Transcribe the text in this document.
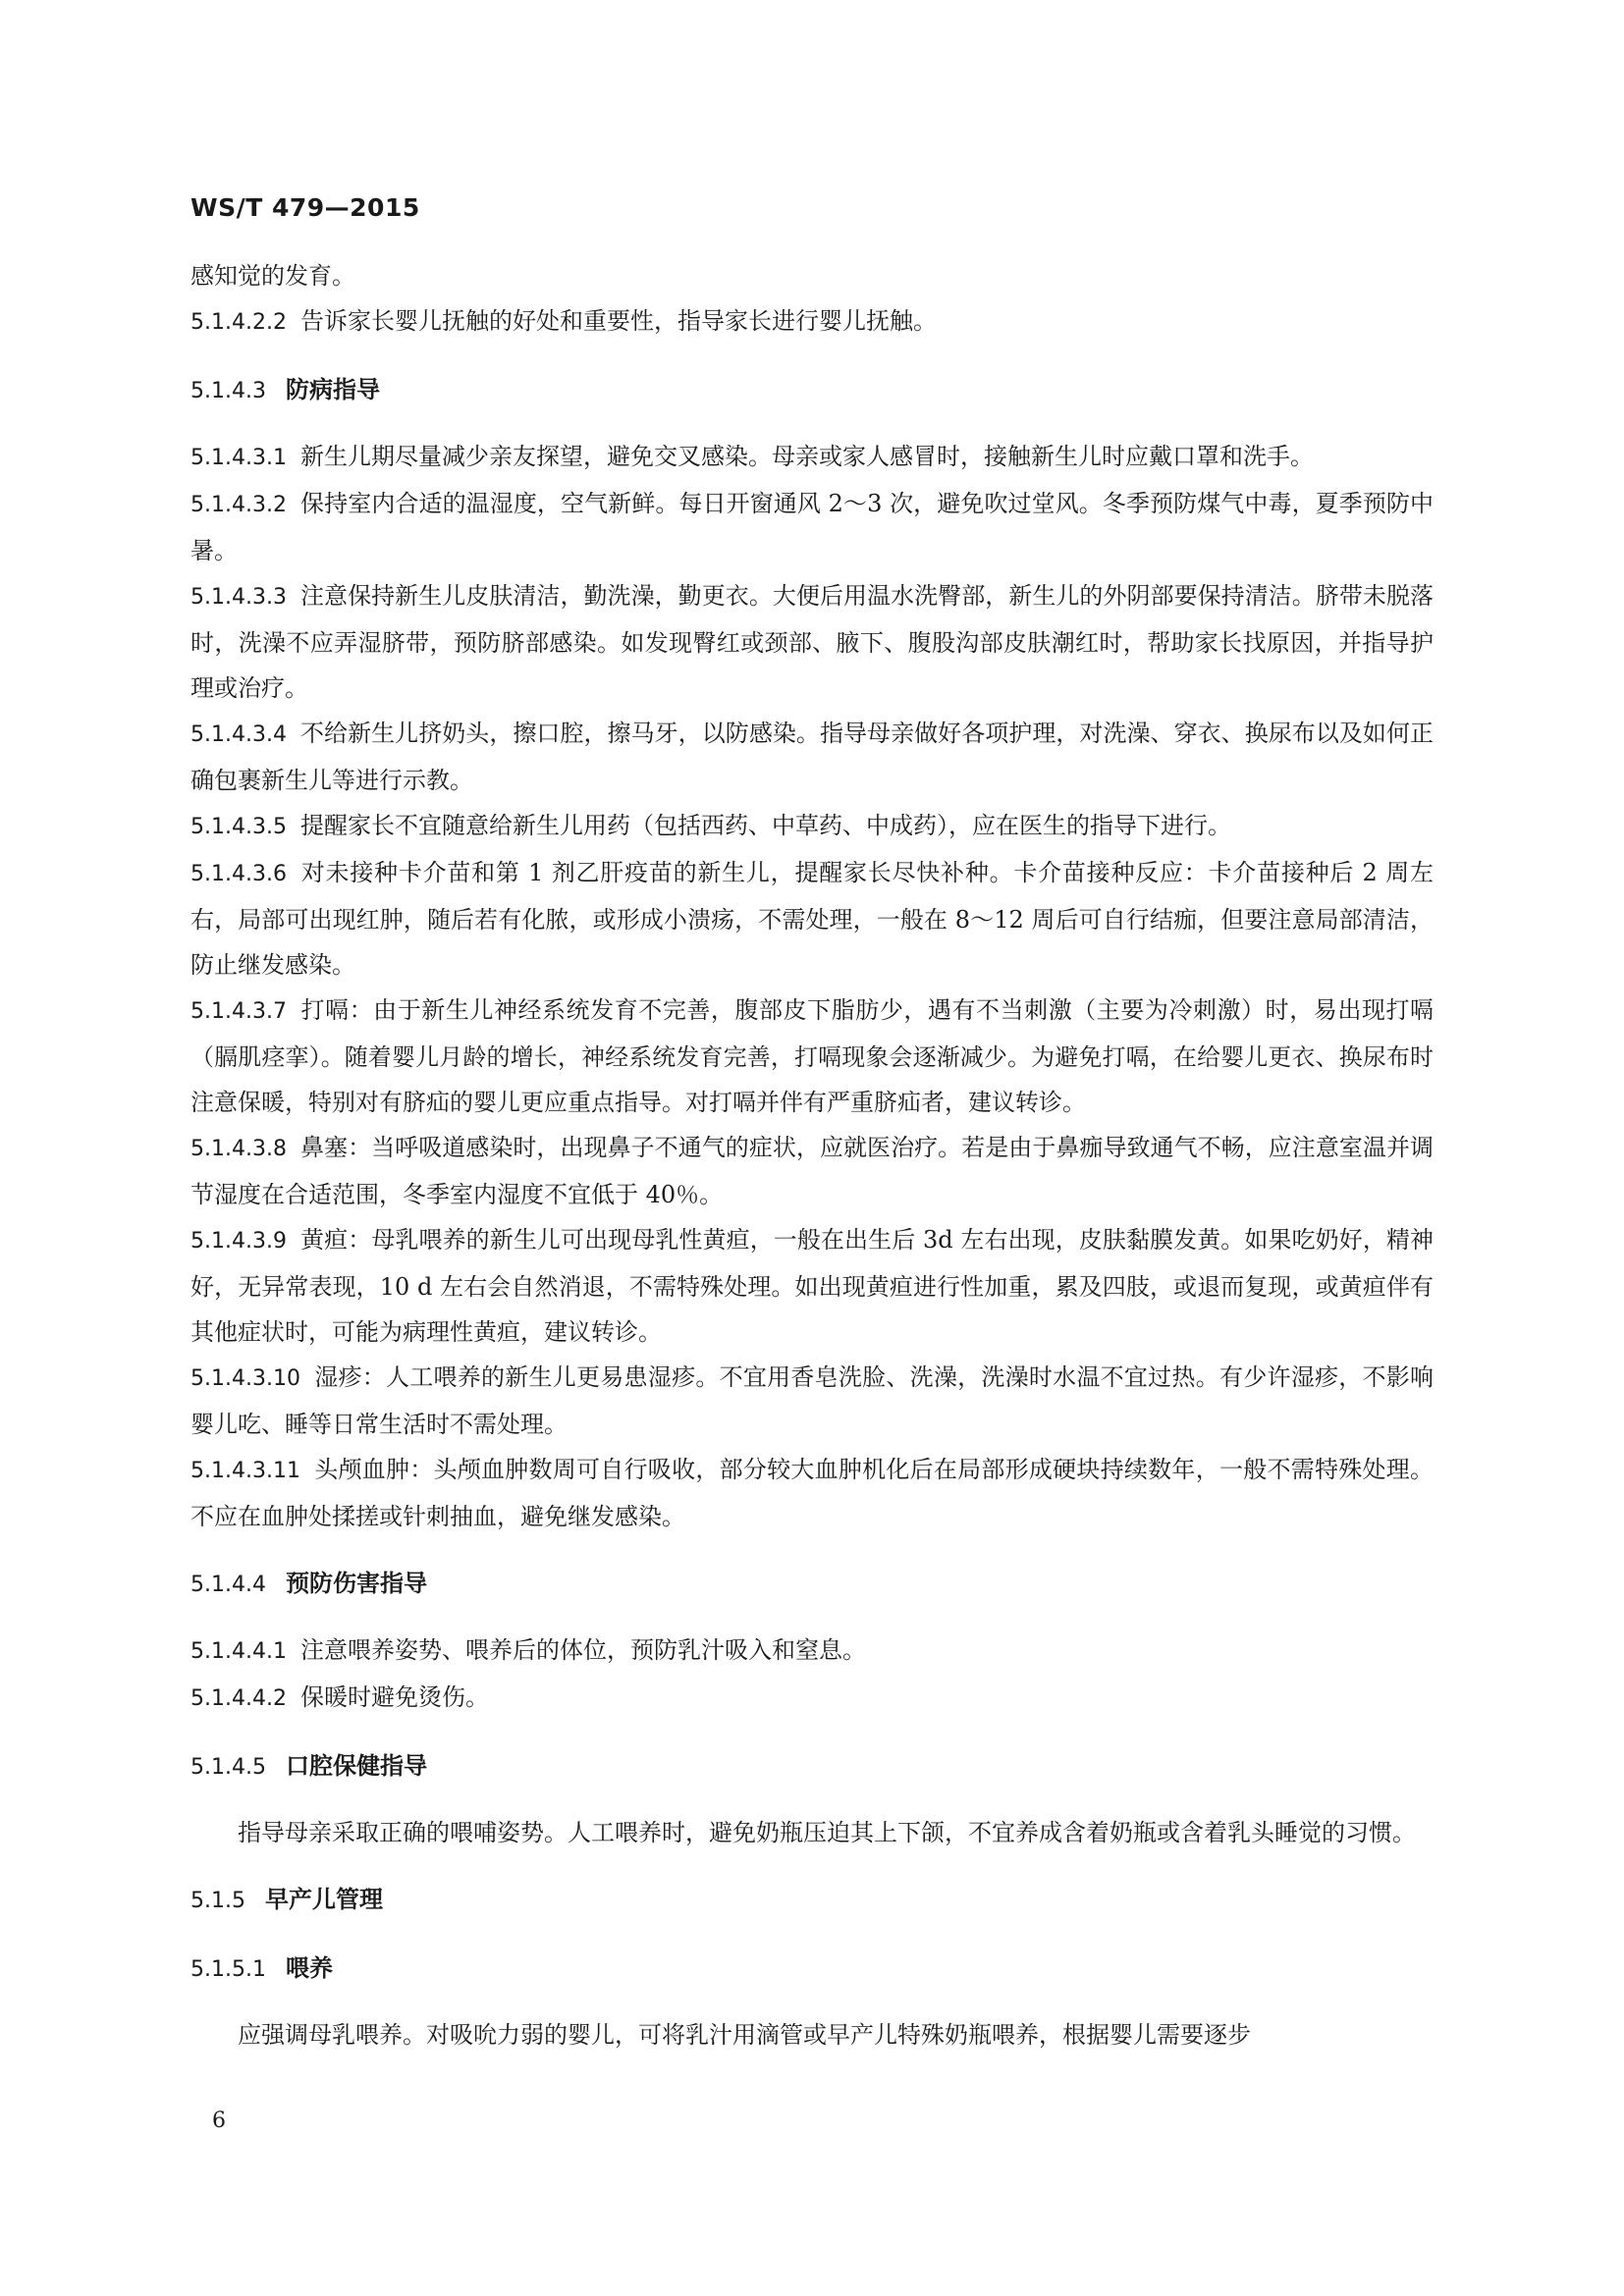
WS/T 479—2015
感知觉的发育。
5.1.4.2.2 告诉家长婴儿抚触的好处和重要性，指导家长进行婴儿抚触。
5.1.4.3 防病指导
5.1.4.3.1 新生儿期尽量减少亲友探望，避免交叉感染。母亲或家人感冒时，接触新生儿时应戴口罩和洗手。
5.1.4.3.2 保持室内合适的温湿度，空气新鲜。每日开窗通风 2～3 次，避免吹过堂风。冬季预防煤气中毒，夏季预防中暑。
5.1.4.3.3 注意保持新生儿皮肤清洁，勤洗澡，勤更衣。大便后用温水洗臀部，新生儿的外阴部要保持清洁。脐带未脱落时，洗澡不应弄湿脐带，预防脐部感染。如发现臀红或颈部、腋下、腹股沟部皮肤潮红时，帮助家长找原因，并指导护理或治疗。
5.1.4.3.4 不给新生儿挤奶头，擦口腔，擦马牙，以防感染。指导母亲做好各项护理，对洗澡、穿衣、换尿布以及如何正确包裹新生儿等进行示教。
5.1.4.3.5 提醒家长不宜随意给新生儿用药（包括西药、中草药、中成药），应在医生的指导下进行。
5.1.4.3.6 对未接种卡介苗和第 1 剂乙肝疫苗的新生儿，提醒家长尽快补种。卡介苗接种反应：卡介苗接种后 2 周左右，局部可出现红肿，随后若有化脓，或形成小溃疡，不需处理，一般在 8～12 周后可自行结痂，但要注意局部清洁，防止继发感染。
5.1.4.3.7 打嗝：由于新生儿神经系统发育不完善，腹部皮下脂肪少，遇有不当刺激（主要为冷刺激）时，易出现打嗝（膈肌痉挛）。随着婴儿月龄的增长，神经系统发育完善，打嗝现象会逐渐减少。为避免打嗝，在给婴儿更衣、换尿布时注意保暖，特别对有脐疝的婴儿更应重点指导。对打嗝并伴有严重脐疝者，建议转诊。
5.1.4.3.8 鼻塞：当呼吸道感染时，出现鼻子不通气的症状，应就医治疗。若是由于鼻痂导致通气不畅，应注意室温并调节湿度在合适范围，冬季室内湿度不宜低于 40％。
5.1.4.3.9 黄疸：母乳喂养的新生儿可出现母乳性黄疸，一般在出生后 3d 左右出现，皮肤黏膜发黄。如果吃奶好，精神好，无异常表现，10 d 左右会自然消退，不需特殊处理。如出现黄疸进行性加重，累及四肢，或退而复现，或黄疸伴有其他症状时，可能为病理性黄疸，建议转诊。
5.1.4.3.10 湿疹：人工喂养的新生儿更易患湿疹。不宜用香皂洗脸、洗澡，洗澡时水温不宜过热。有少许湿疹，不影响婴儿吃、睡等日常生活时不需处理。
5.1.4.3.11 头颅血肿：头颅血肿数周可自行吸收，部分较大血肿机化后在局部形成硬块持续数年，一般不需特殊处理。不应在血肿处揉搓或针刺抽血，避免继发感染。
5.1.4.4 预防伤害指导
5.1.4.4.1 注意喂养姿势、喂养后的体位，预防乳汁吸入和窒息。
5.1.4.4.2 保暖时避免烫伤。
5.1.4.5 口腔保健指导
指导母亲采取正确的喂哺姿势。人工喂养时，避免奶瓶压迫其上下颌，不宜养成含着奶瓶或含着乳头睡觉的习惯。
5.1.5 早产儿管理
5.1.5.1 喂养
应强调母乳喂养。对吸吮力弱的婴儿，可将乳汁用滴管或早产儿特殊奶瓶喂养，根据婴儿需要逐步
6
